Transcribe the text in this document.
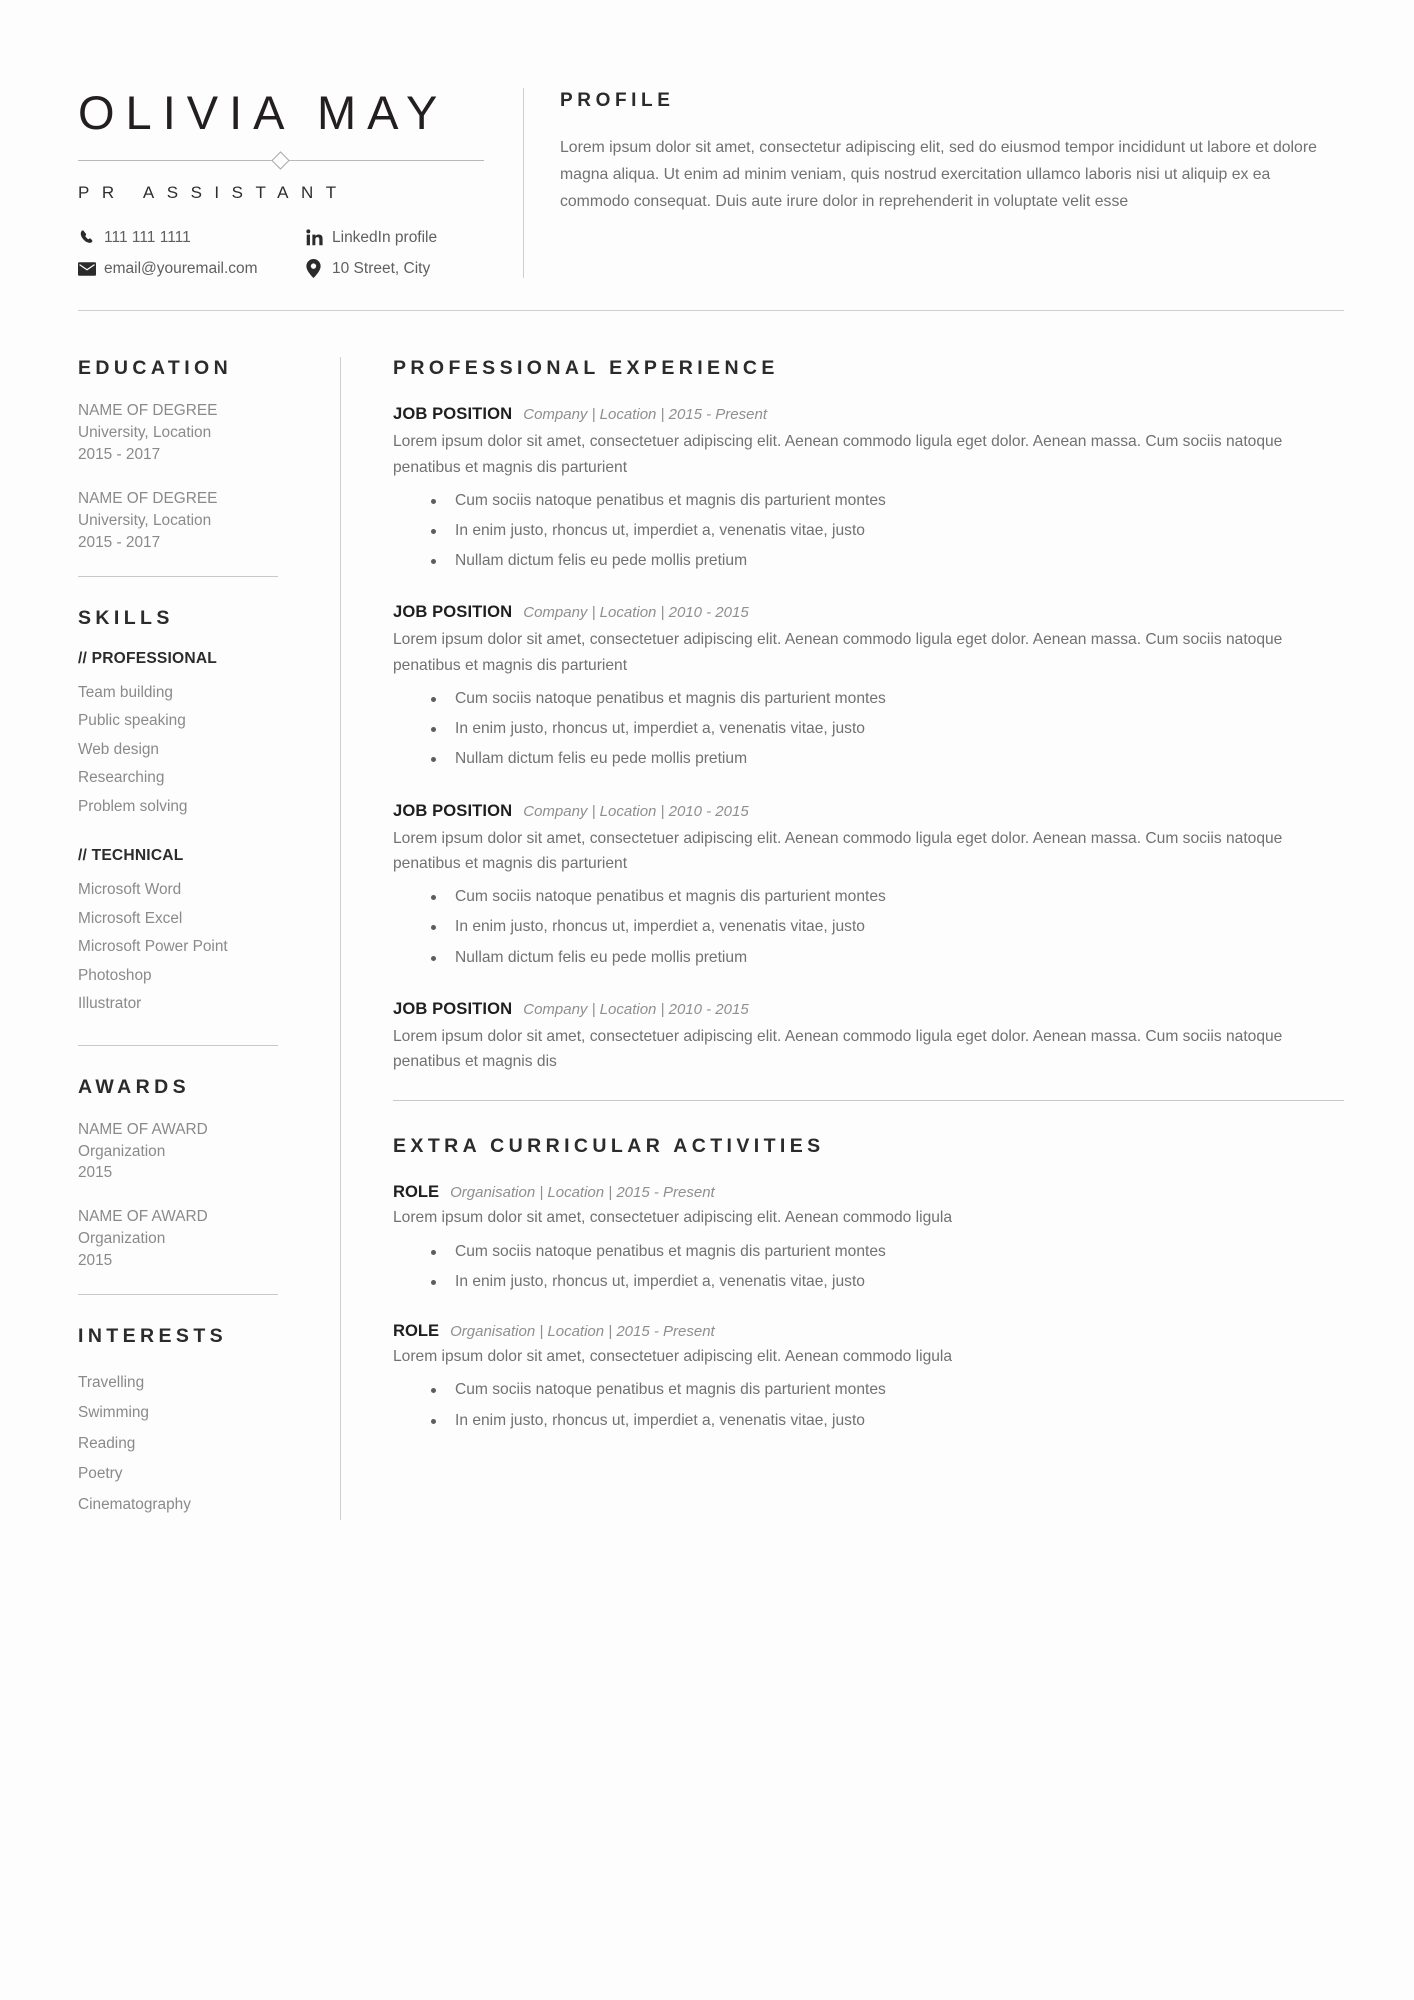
OLIVIA MAY
PR ASSISTANT
111 111 1111	LinkedIn profile
email@youremail.com	10 Street, City
PROFILE
Lorem ipsum dolor sit amet, consectetur adipiscing elit, sed do eiusmod tempor incididunt ut labore et dolore magna aliqua. Ut enim ad minim veniam, quis nostrud exercitation ullamco laboris nisi ut aliquip ex ea commodo consequat. Duis aute irure dolor in reprehenderit in voluptate velit esse
EDUCATION
NAME OF DEGREE
University, Location
2015 - 2017
NAME OF DEGREE
University, Location
2015 - 2017
SKILLS
// PROFESSIONAL
Team building
Public speaking
Web design
Researching
Problem solving
// TECHNICAL
Microsoft Word
Microsoft Excel
Microsoft Power Point
Photoshop
Illustrator
AWARDS
NAME OF AWARD
Organization
2015
NAME OF AWARD
Organization
2015
INTERESTS
Travelling
Swimming
Reading
Poetry
Cinematography
PROFESSIONAL EXPERIENCE
JOB POSITION Company | Location | 2015 - Present
Lorem ipsum dolor sit amet, consectetuer adipiscing elit. Aenean commodo ligula eget dolor. Aenean massa. Cum sociis natoque penatibus et magnis dis parturient
Cum sociis natoque penatibus et magnis dis parturient montes
In enim justo, rhoncus ut, imperdiet a, venenatis vitae, justo
Nullam dictum felis eu pede mollis pretium
JOB POSITION Company | Location | 2010 - 2015
Lorem ipsum dolor sit amet, consectetuer adipiscing elit. Aenean commodo ligula eget dolor. Aenean massa. Cum sociis natoque penatibus et magnis dis parturient
Cum sociis natoque penatibus et magnis dis parturient montes
In enim justo, rhoncus ut, imperdiet a, venenatis vitae, justo
Nullam dictum felis eu pede mollis pretium
JOB POSITION Company | Location | 2010 - 2015
Lorem ipsum dolor sit amet, consectetuer adipiscing elit. Aenean commodo ligula eget dolor. Aenean massa. Cum sociis natoque penatibus et magnis dis parturient
Cum sociis natoque penatibus et magnis dis parturient montes
In enim justo, rhoncus ut, imperdiet a, venenatis vitae, justo
Nullam dictum felis eu pede mollis pretium
JOB POSITION Company | Location | 2010 - 2015
Lorem ipsum dolor sit amet, consectetuer adipiscing elit. Aenean commodo ligula eget dolor. Aenean massa. Cum sociis natoque penatibus et magnis dis
EXTRA CURRICULAR ACTIVITIES
ROLE Organisation | Location | 2015 - Present
Lorem ipsum dolor sit amet, consectetuer adipiscing elit. Aenean commodo ligula
Cum sociis natoque penatibus et magnis dis parturient montes
In enim justo, rhoncus ut, imperdiet a, venenatis vitae, justo
ROLE Organisation | Location | 2015 - Present
Lorem ipsum dolor sit amet, consectetuer adipiscing elit. Aenean commodo ligula
Cum sociis natoque penatibus et magnis dis parturient montes
In enim justo, rhoncus ut, imperdiet a, venenatis vitae, justo
